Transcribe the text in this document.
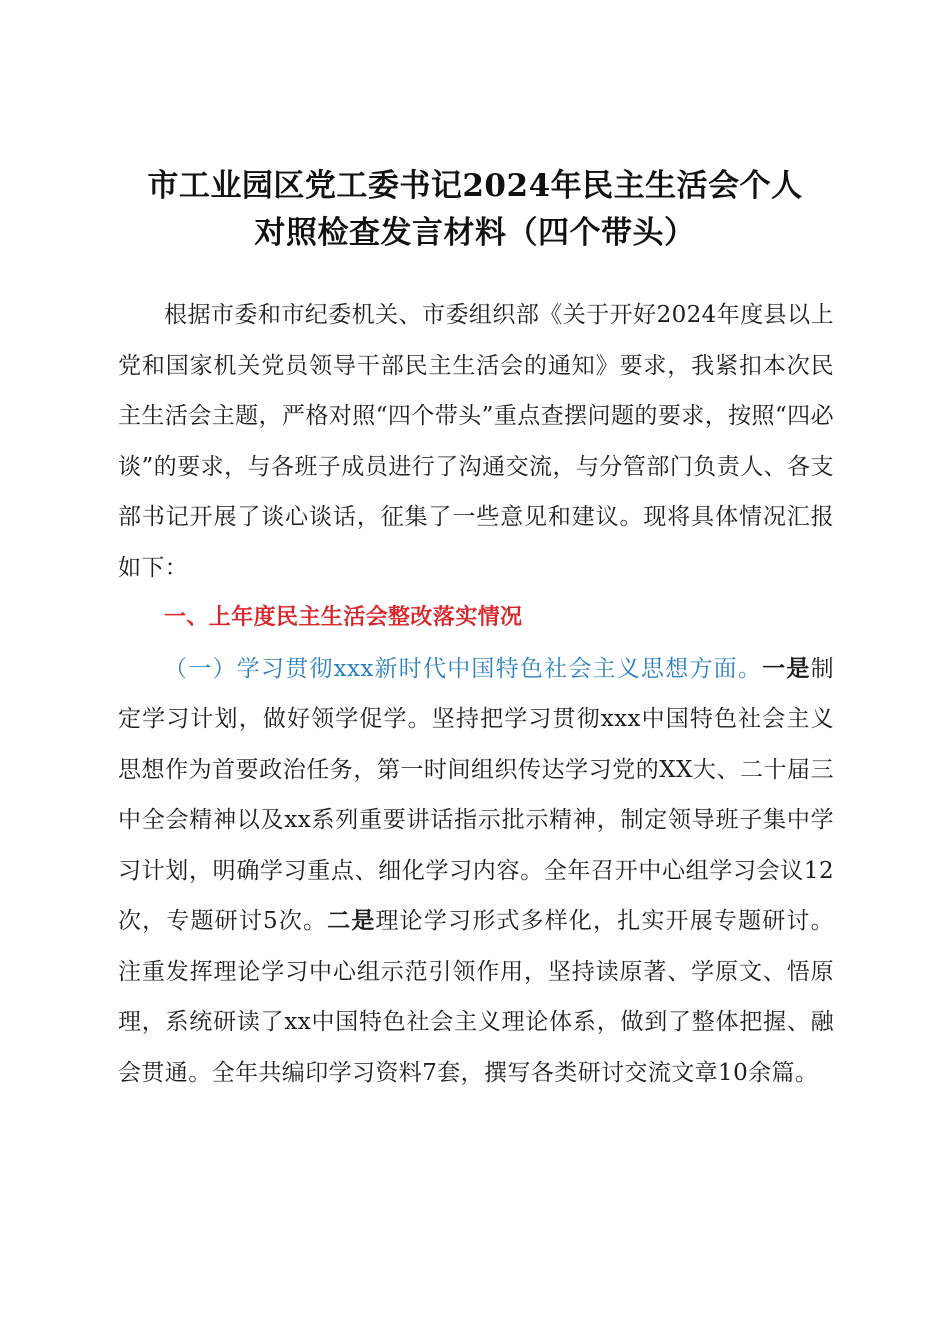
市工业园区党工委书记2024年民主生活会个人
对照检查发言材料（四个带头）

根据市委和市纪委机关、市委组织部《关于开好2024年度县以上党和国家机关党员领导干部民主生活会的通知》要求，我紧扣本次民主生活会主题，严格对照“四个带头”重点查摆问题的要求，按照“四必谈”的要求，与各班子成员进行了沟通交流，与分管部门负责人、各支部书记开展了谈心谈话，征集了一些意见和建议。现将具体情况汇报如下：

一、上年度民主生活会整改落实情况

（一）学习贯彻xxx新时代中国特色社会主义思想方面。一是制定学习计划，做好领学促学。坚持把学习贯彻xxx中国特色社会主义思想作为首要政治任务，第一时间组织传达学习党的XX大、二十届三中全会精神以及xx系列重要讲话指示批示精神，制定领导班子集中学习计划，明确学习重点、细化学习内容。全年召开中心组学习会议12次，专题研讨5次。二是理论学习形式多样化，扎实开展专题研讨。注重发挥理论学习中心组示范引领作用，坚持读原著、学原文、悟原理，系统研读了xx中国特色社会主义理论体系，做到了整体把握、融会贯通。全年共编印学习资料7套，撰写各类研讨交流文章10余篇。
